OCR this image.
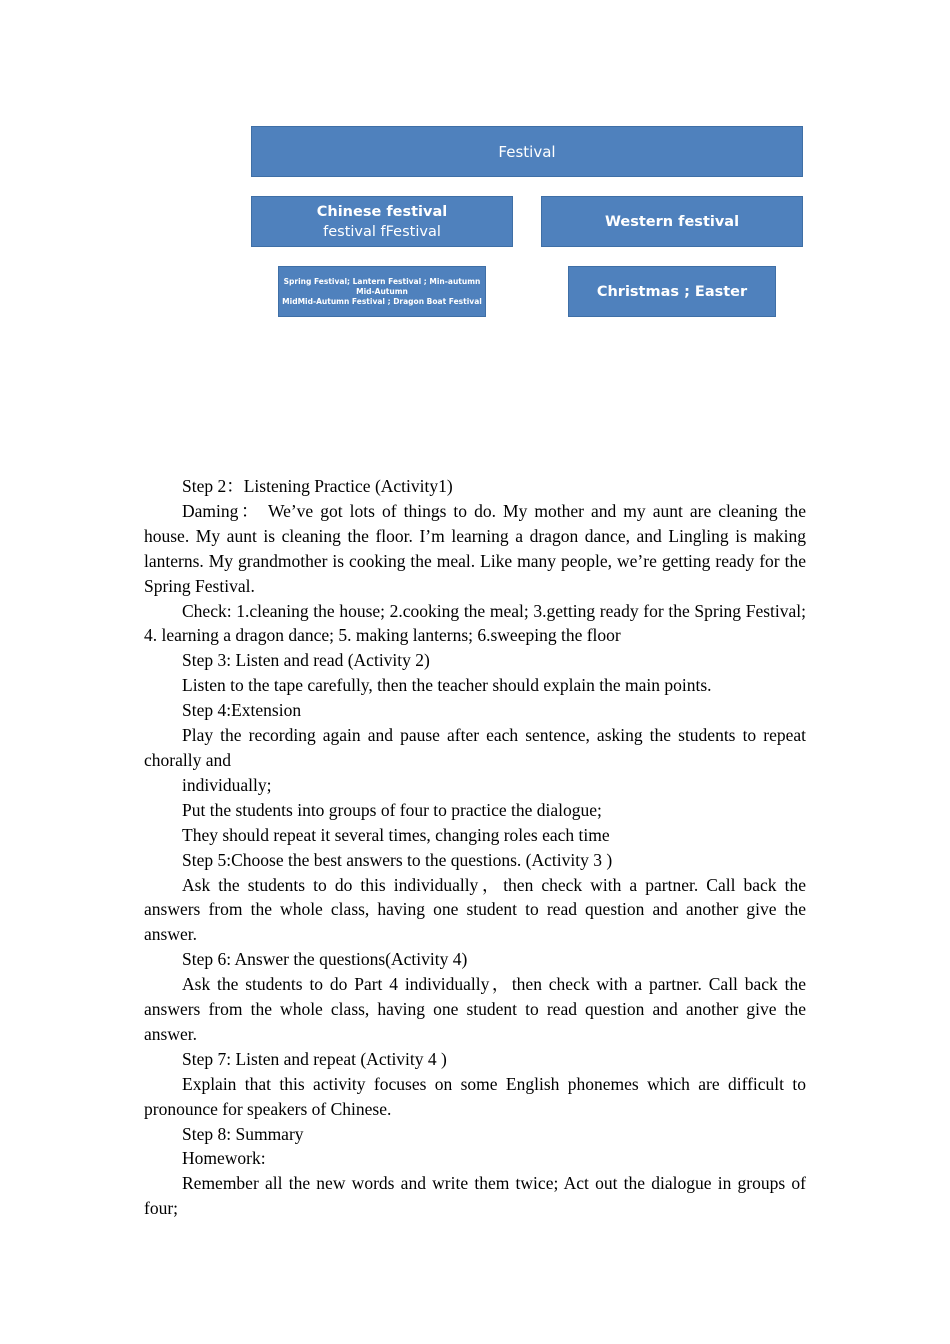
Festival
Chinese festival
festival fFestival
Western festival
Spring Festival; Lantern Festival ; Min-autumn
Mid-Autumn
MidMid-Autumn Festival ; Dragon Boat Festival
Christmas ; Easter

Step 2：Listening Practice (Activity1)

Daming： We’ve got lots of things to do. My mother and my aunt are cleaning the house. My aunt is cleaning the floor. I’m learning a dragon dance, and Lingling is making lanterns. My grandmother is cooking the meal. Like many people, we’re getting ready for the Spring Festival.

Check: 1.cleaning the house; 2.cooking the meal; 3.getting ready for the Spring Festival; 4. learning a dragon dance; 5. making lanterns; 6.sweeping the floor

Step 3: Listen and read (Activity 2)

Listen to the tape carefully, then the teacher should explain the main points.

Step 4:Extension

Play the recording again and pause after each sentence, asking the students to repeat chorally and

individually;

Put the students into groups of four to practice the dialogue;

They should repeat it several times, changing roles each time

Step 5:Choose the best answers to the questions. (Activity 3 )

Ask the students to do this individually，then check with a partner. Call back the answers from the whole class, having one student to read question and another give the answer.

Step 6: Answer the questions(Activity 4)

Ask the students to do Part 4 individually，then check with a partner. Call back the answers from the whole class, having one student to read question and another give the answer.

Step 7: Listen and repeat (Activity 4 )

Explain that this activity focuses on some English phonemes which are difficult to pronounce for speakers of Chinese.

Step 8: Summary

Homework:

Remember all the new words and write them twice; Act out the dialogue in groups of four;
